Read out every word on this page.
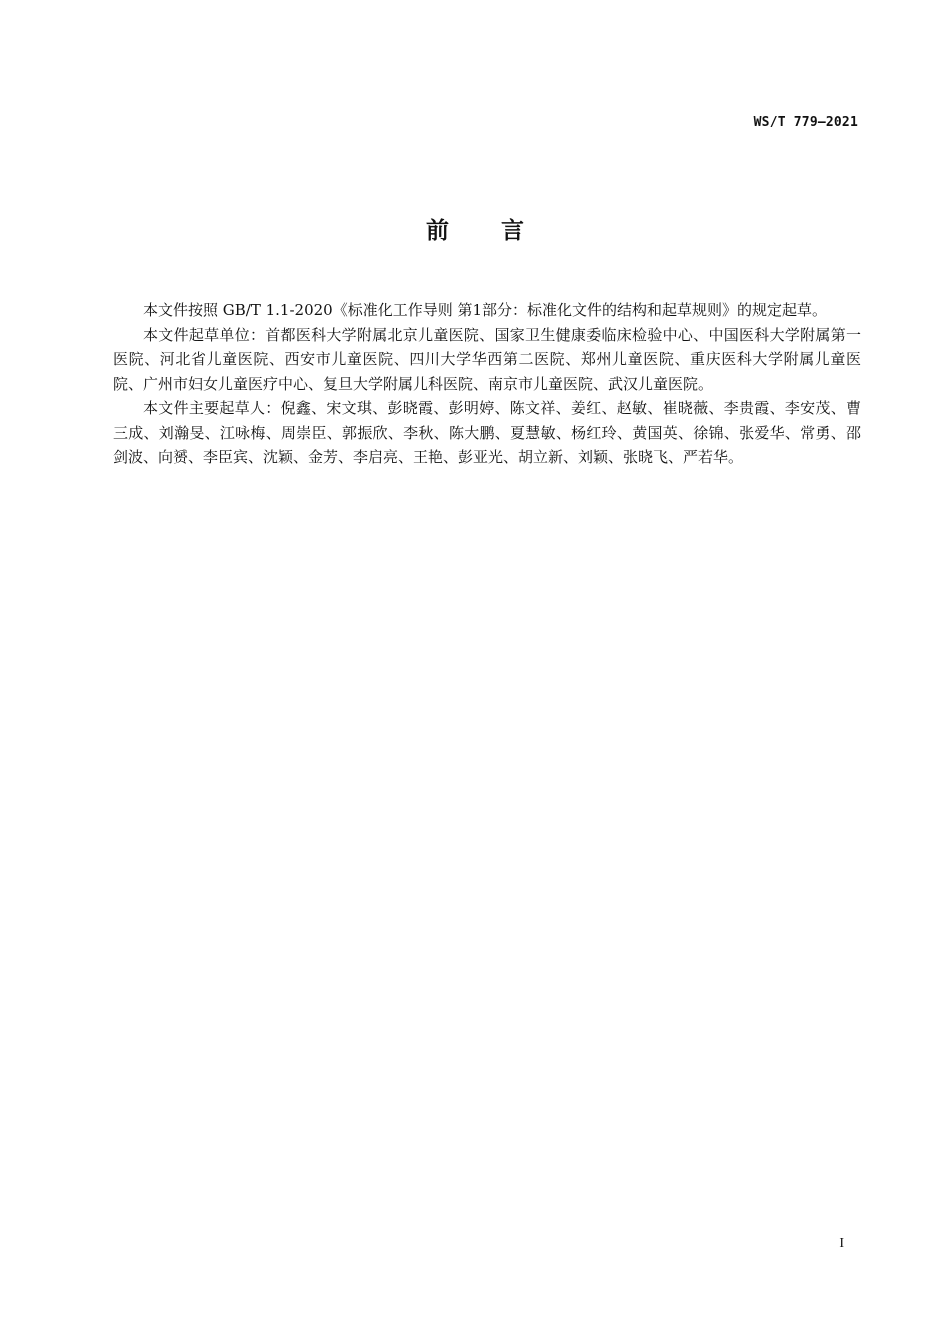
WS/T 779—2021
前言

本文件按照 GB/T 1.1-2020《标准化工作导则 第1部分：标准化文件的结构和起草规则》的规定起草。

本文件起草单位：首都医科大学附属北京儿童医院、国家卫生健康委临床检验中心、中国医科大学附属第一医院、河北省儿童医院、西安市儿童医院、四川大学华西第二医院、郑州儿童医院、重庆医科大学附属儿童医院、广州市妇女儿童医疗中心、复旦大学附属儿科医院、南京市儿童医院、武汉儿童医院。

本文件主要起草人：倪鑫、宋文琪、彭晓霞、彭明婷、陈文祥、姜红、赵敏、崔晓薇、李贵霞、李安茂、曹三成、刘瀚旻、江咏梅、周崇臣、郭振欣、李秋、陈大鹏、夏慧敏、杨红玲、黄国英、徐锦、张爱华、常勇、邵剑波、向赟、李臣宾、沈颖、金芳、李启亮、王艳、彭亚光、胡立新、刘颖、张晓飞、严若华。

I
